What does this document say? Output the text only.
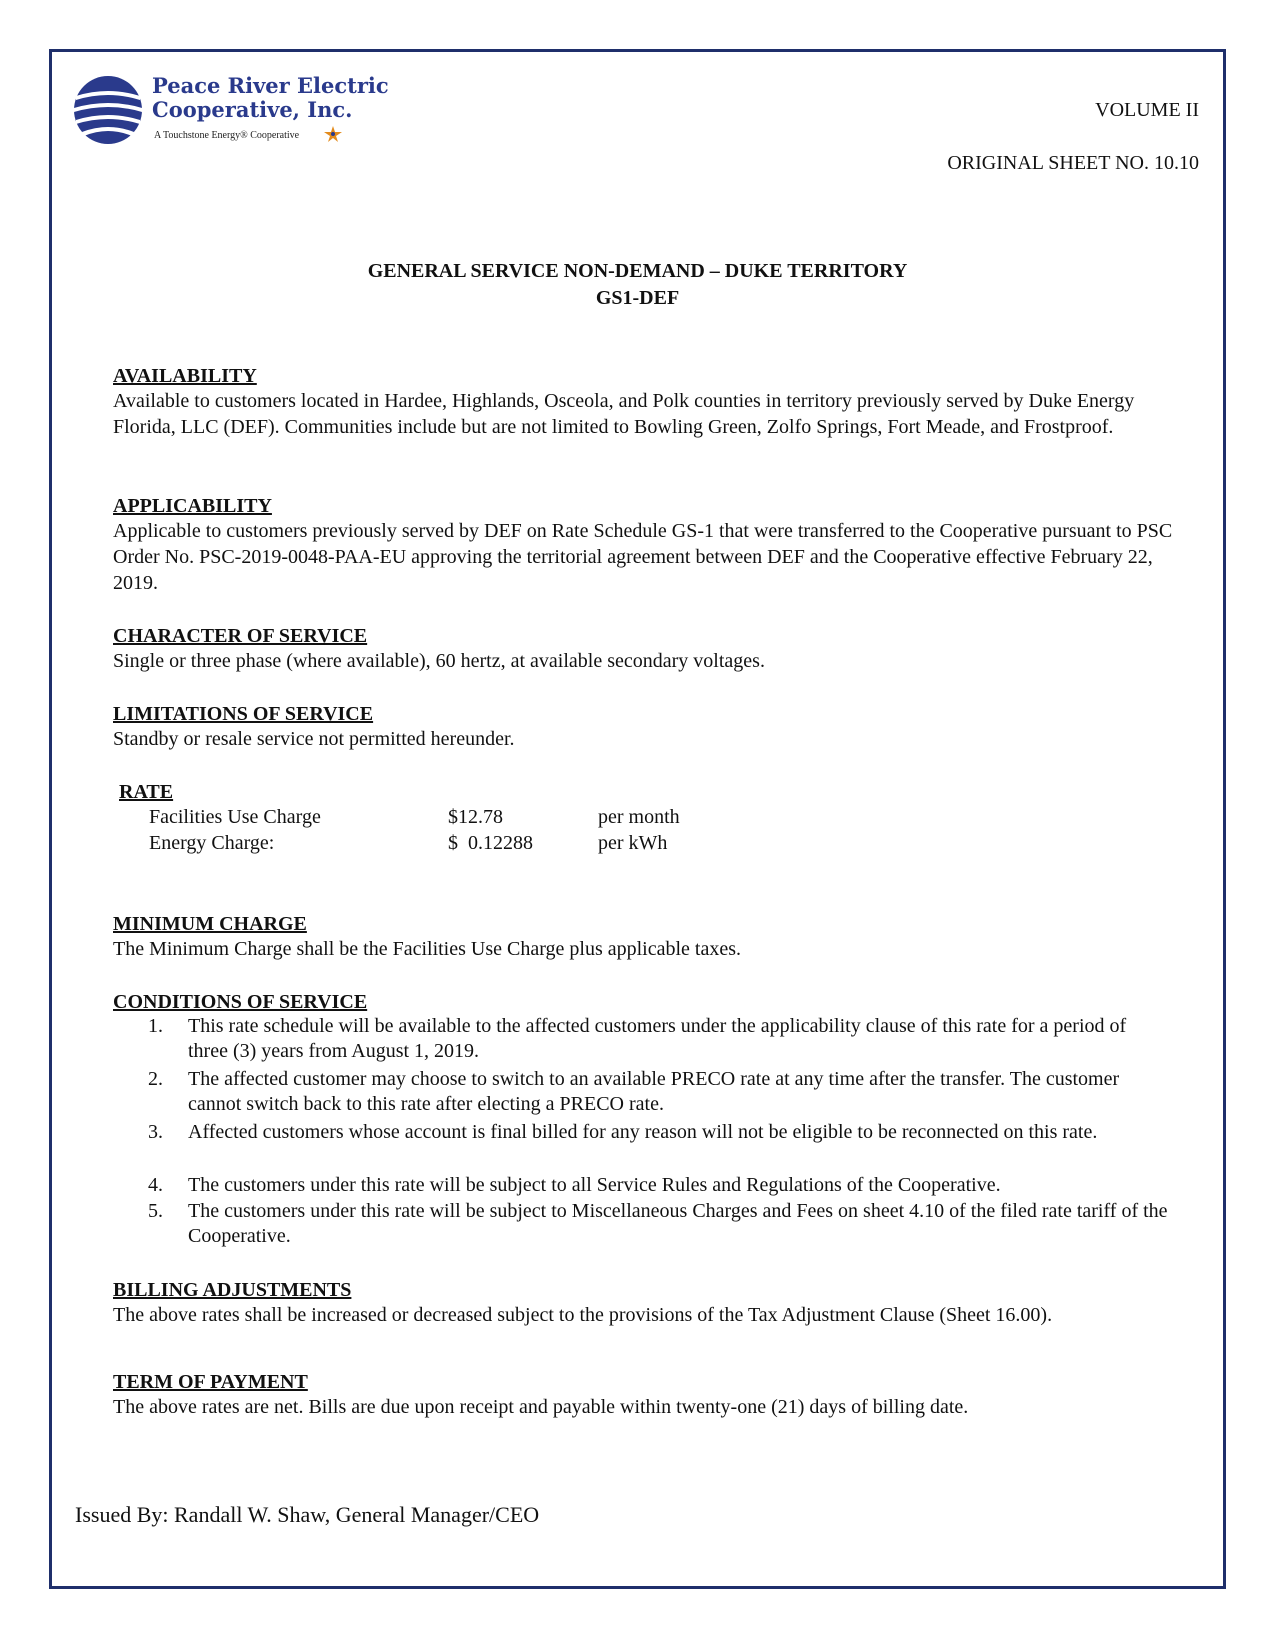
Peace River Electric
Cooperative, Inc.
A Touchstone Energy® Cooperative
VOLUME II
ORIGINAL SHEET NO. 10.10
GENERAL SERVICE NON-DEMAND – DUKE TERRITORY
GS1-DEF
AVAILABILITY
Available to customers located in Hardee, Highlands, Osceola, and Polk counties in territory previously served by Duke Energy Florida, LLC (DEF). Communities include but are not limited to Bowling Green, Zolfo Springs, Fort Meade, and Frostproof.
APPLICABILITY
Applicable to customers previously served by DEF on Rate Schedule GS-1 that were transferred to the Cooperative pursuant to PSC Order No. PSC-2019-0048-PAA-EU approving the territorial agreement between DEF and the Cooperative effective February 22, 2019.
CHARACTER OF SERVICE
Single or three phase (where available), 60 hertz, at available secondary voltages.
LIMITATIONS OF SERVICE
Standby or resale service not permitted hereunder.
RATE
Facilities Use Charge	$12.78	per month
Energy Charge:	$  0.12288	per kWh
MINIMUM CHARGE
The Minimum Charge shall be the Facilities Use Charge plus applicable taxes.
CONDITIONS OF SERVICE
1. This rate schedule will be available to the affected customers under the applicability clause of this rate for a period of three (3) years from August 1, 2019.
2. The affected customer may choose to switch to an available PRECO rate at any time after the transfer. The customer cannot switch back to this rate after electing a PRECO rate.
3. Affected customers whose account is final billed for any reason will not be eligible to be reconnected on this rate.
4. The customers under this rate will be subject to all Service Rules and Regulations of the Cooperative.
5. The customers under this rate will be subject to Miscellaneous Charges and Fees on sheet 4.10 of the filed rate tariff of the Cooperative.
BILLING ADJUSTMENTS
The above rates shall be increased or decreased subject to the provisions of the Tax Adjustment Clause (Sheet 16.00).
TERM OF PAYMENT
The above rates are net. Bills are due upon receipt and payable within twenty-one (21) days of billing date.
Issued By: Randall W. Shaw, General Manager/CEO
